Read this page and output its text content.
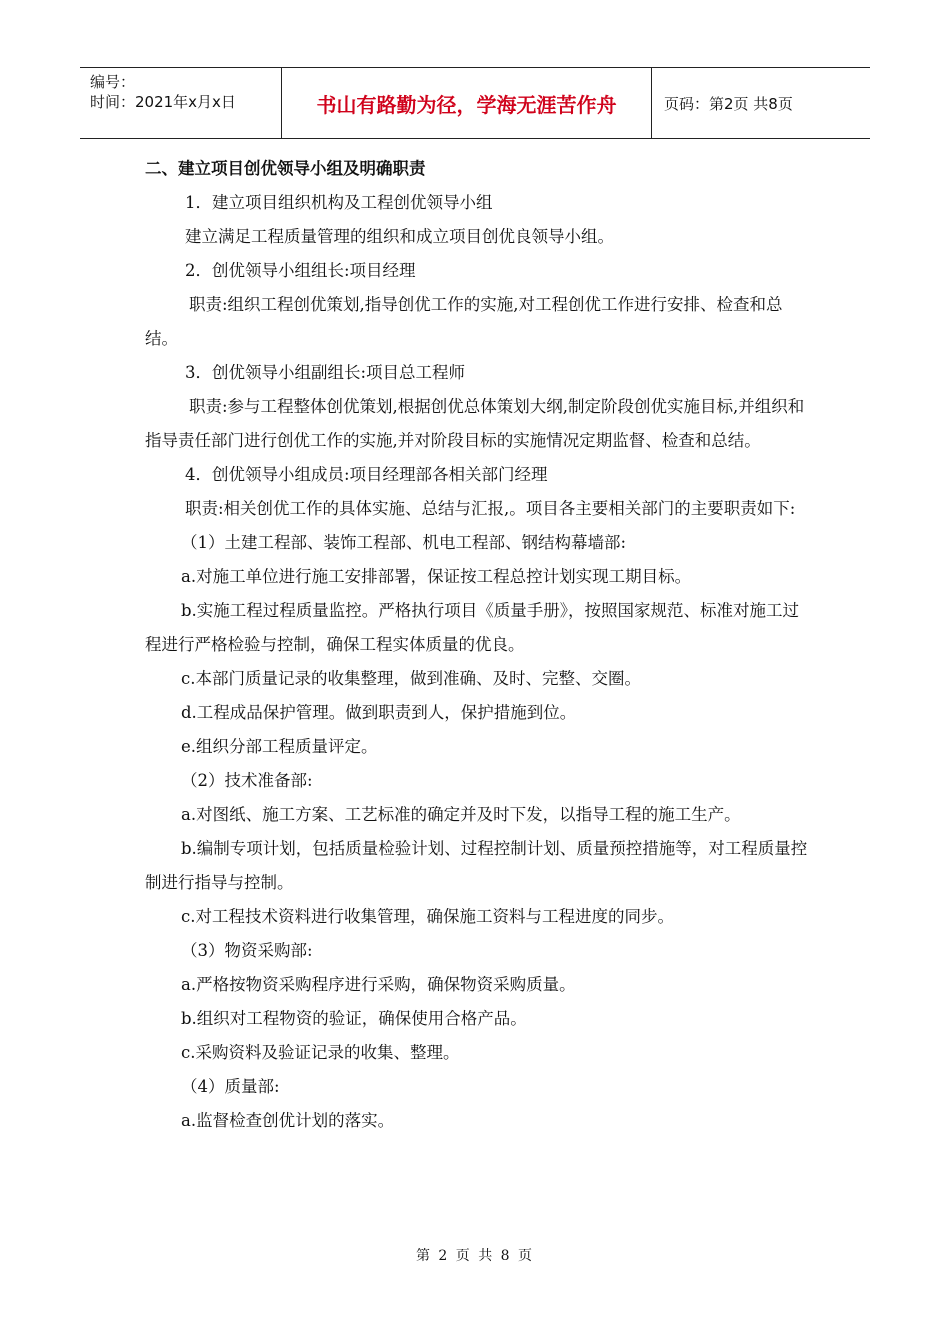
编号：
时间：2021年x月x日	书山有路勤为径，学海无涯苦作舟	页码：第2页 共8页

二、建立项目创优领导小组及明确职责

1．建立项目组织机构及工程创优领导小组

建立满足工程质量管理的组织和成立项目创优良领导小组。

2．创优领导小组组长:项目经理

职责:组织工程创优策划,指导创优工作的实施,对工程创优工作进行安排、检查和总结。

3．创优领导小组副组长:项目总工程师

职责:参与工程整体创优策划,根据创优总体策划大纲,制定阶段创优实施目标,并组织和指导责任部门进行创优工作的实施,并对阶段目标的实施情况定期监督、检查和总结。

4．创优领导小组成员:项目经理部各相关部门经理

职责:相关创优工作的具体实施、总结与汇报,。项目各主要相关部门的主要职责如下:

（1）土建工程部、装饰工程部、机电工程部、钢结构幕墙部:

a.对施工单位进行施工安排部署，保证按工程总控计划实现工期目标。

b.实施工程过程质量监控。严格执行项目《质量手册》，按照国家规范、标准对施工过程进行严格检验与控制，确保工程实体质量的优良。

c.本部门质量记录的收集整理，做到准确、及时、完整、交圈。

d.工程成品保护管理。做到职责到人，保护措施到位。

e.组织分部工程质量评定。

（2）技术准备部:

a.对图纸、施工方案、工艺标准的确定并及时下发，以指导工程的施工生产。

b.编制专项计划，包括质量检验计划、过程控制计划、质量预控措施等，对工程质量控制进行指导与控制。

c.对工程技术资料进行收集管理，确保施工资料与工程进度的同步。

（3）物资采购部:

a.严格按物资采购程序进行采购，确保物资采购质量。

b.组织对工程物资的验证，确保使用合格产品。

c.采购资料及验证记录的收集、整理。

（4）质量部:

a.监督检查创优计划的落实。

第 2 页 共 8 页
